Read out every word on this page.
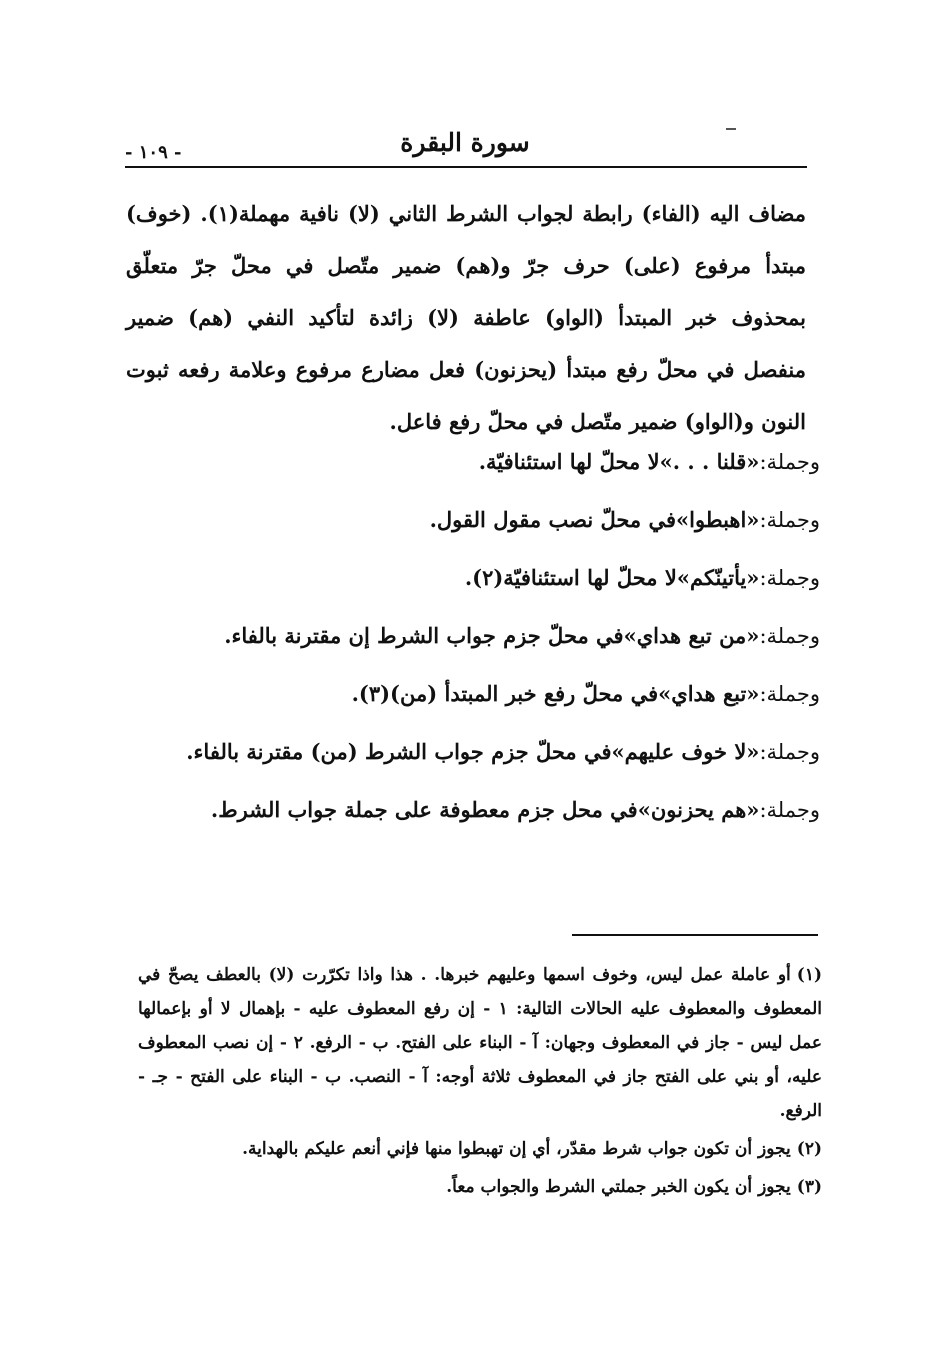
سورة البقرة
- ١٠٩ -

مضاف اليه (الفاء) رابطة لجواب الشرط الثاني (لا) نافية مهملة(١). (خوف) مبتدأ مرفوع (على) حرف جرّ و(هم) ضمير متّصل في محلّ جرّ متعلّق بمحذوف خبر المبتدأ (الواو) عاطفة (لا) زائدة لتأكيد النفي (هم) ضمير منفصل في محلّ رفع مبتدأ (يحزنون) فعل مضارع مرفوع وعلامة رفعه ثبوت النون و(الواو) ضمير متّصل في محلّ رفع فاعل.

وجملة:«قلنا . . .»لا محلّ لها استئنافيّة.

وجملة:«اهبطوا»في محلّ نصب مقول القول.

وجملة:«يأتينّكم»لا محلّ لها استئنافيّة(٢).

وجملة:«من تبع هداي»في محلّ جزم جواب الشرط إن مقترنة بالفاء.

وجملة:«تبع هداي»في محلّ رفع خبر المبتدأ (من)(٣).

وجملة:«لا خوف عليهم»في محلّ جزم جواب الشرط (من) مقترنة بالفاء.

وجملة:«هم يحزنون»في محل جزم معطوفة على جملة جواب الشرط.

(١)أو عاملة عمل ليس، وخوف اسمها وعليهم خبرها. . هذا واذا تكرّرت (لا) بالعطف يصحّ في المعطوف والمعطوف عليه الحالات التالية: ١ - إن رفع المعطوف عليه - بإهمال لا أو بإعمالها عمل ليس - جاز في المعطوف وجهان: آ - البناء على الفتح. ب - الرفع. ٢ - إن نصب المعطوف عليه، أو بني على الفتح جاز في المعطوف ثلاثة أوجه: آ - النصب. ب - البناء على الفتح - جـ - الرفع.

(٢)يجوز أن تكون جواب شرط مقدّر، أي إن تهبطوا منها فإني أنعم عليكم بالهداية.

(٣)يجوز أن يكون الخبر جملتي الشرط والجواب معاً.
